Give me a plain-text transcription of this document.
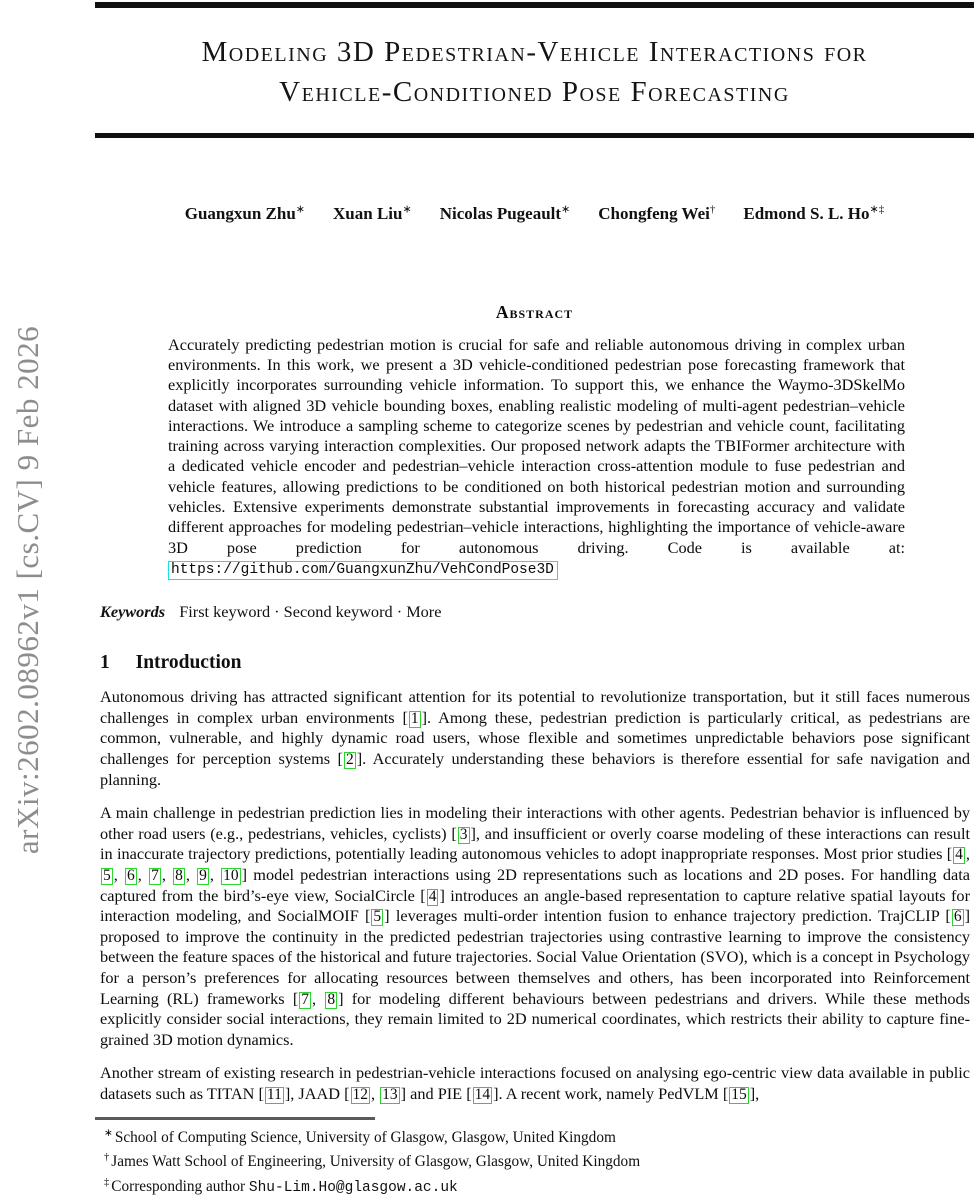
arXiv:2602.08962v1 [cs.CV] 9 Feb 2026
Modeling 3D Pedestrian-Vehicle Interactions for
Vehicle-Conditioned Pose Forecasting
Guangxun Zhu∗ Xuan Liu∗ Nicolas Pugeault∗ Chongfeng Wei† Edmond S. L. Ho∗‡
Abstract
Accurately predicting pedestrian motion is crucial for safe and reliable autonomous driving in complex urban environments. In this work, we present a 3D vehicle-conditioned pedestrian pose forecasting framework that explicitly incorporates surrounding vehicle information. To support this, we enhance the Waymo-3DSkelMo dataset with aligned 3D vehicle bounding boxes, enabling realistic modeling of multi-agent pedestrian–vehicle interactions. We introduce a sampling scheme to categorize scenes by pedestrian and vehicle count, facilitating training across varying interaction complexities. Our proposed network adapts the TBIFormer architecture with a dedicated vehicle encoder and pedestrian–vehicle interaction cross-attention module to fuse pedestrian and vehicle features, allowing predictions to be conditioned on both historical pedestrian motion and surrounding vehicles. Extensive experiments demonstrate substantial improvements in forecasting accuracy and validate different approaches for modeling pedestrian–vehicle interactions, highlighting the importance of vehicle-aware 3D pose prediction for autonomous driving. Code is available at: https://github.com/GuangxunZhu/VehCondPose3D
Keywords First keyword · Second keyword · More
1 Introduction

Autonomous driving has attracted significant attention for its potential to revolutionize transportation, but it still faces numerous challenges in complex urban environments [ 1 ]. Among these, pedestrian prediction is particularly critical, as pedestrians are common, vulnerable, and highly dynamic road users, whose flexible and sometimes unpredictable behaviors pose significant challenges for perception systems [ 2 ]. Accurately understanding these behaviors is therefore essential for safe navigation and planning.

A main challenge in pedestrian prediction lies in modeling their interactions with other agents. Pedestrian behavior is influenced by other road users (e.g., pedestrians, vehicles, cyclists) [ 3 ], and insufficient or overly coarse modeling of these interactions can result in inaccurate trajectory predictions, potentially leading autonomous vehicles to adopt inappropriate responses. Most prior studies [ 4 , 5 , 6 , 7 , 8 , 9 , 10 ] model pedestrian interactions using 2D representations such as locations and 2D poses. For handling data captured from the bird’s-eye view, SocialCircle [ 4 ] introduces an angle-based representation to capture relative spatial layouts for interaction modeling, and SocialMOIF [ 5 ] leverages multi-order intention fusion to enhance trajectory prediction. TrajCLIP [ 6 ] proposed to improve the continuity in the predicted pedestrian trajectories using contrastive learning to improve the consistency between the feature spaces of the historical and future trajectories. Social Value Orientation (SVO), which is a concept in Psychology for a person’s preferences for allocating resources between themselves and others, has been incorporated into Reinforcement Learning (RL) frameworks [ 7 , 8 ] for modeling different behaviours between pedestrians and drivers. While these methods explicitly consider social interactions, they remain limited to 2D numerical coordinates, which restricts their ability to capture fine-grained 3D motion dynamics.

Another stream of existing research in pedestrian-vehicle interactions focused on analysing ego-centric view data available in public datasets such as TITAN [ 11 ], JAAD [ 12 , 13 ] and PIE [ 14 ]. A recent work, namely PedVLM [ 15 ],

∗ School of Computing Science, University of Glasgow, Glasgow, United Kingdom
† James Watt School of Engineering, University of Glasgow, Glasgow, United Kingdom
‡ Corresponding author Shu-Lim.Ho@glasgow.ac.uk
